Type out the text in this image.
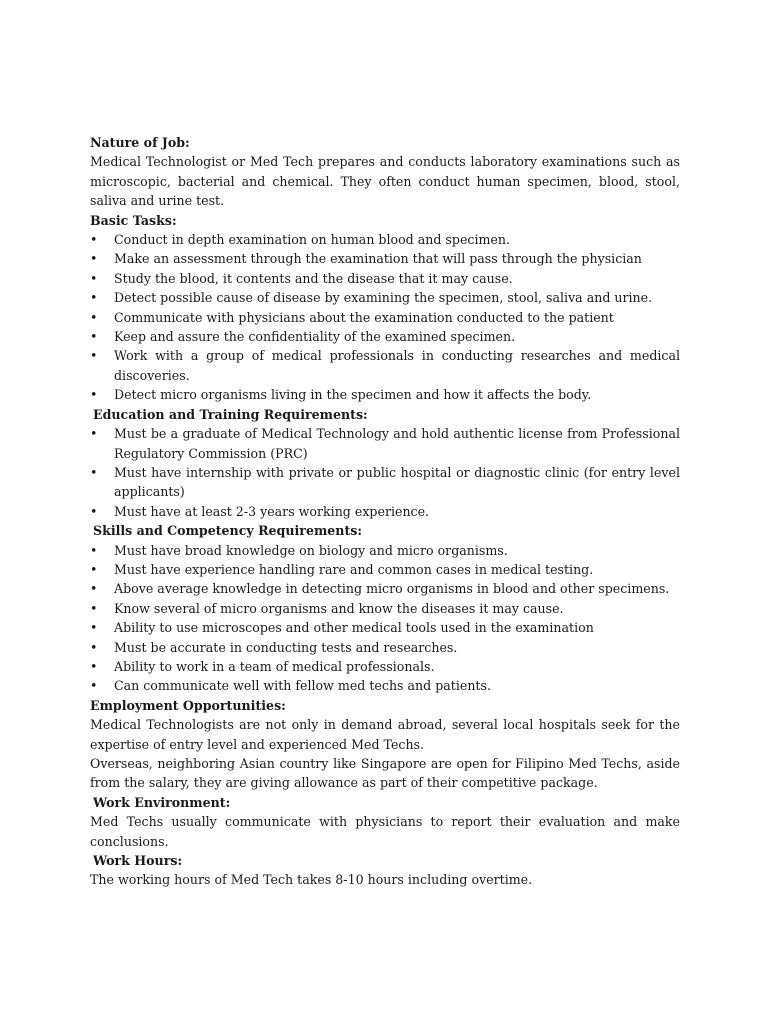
Nature of Job:

Medical Technologist or Med Tech prepares and conducts laboratory examinations such as microscopic, bacterial and chemical. They often conduct human specimen, blood, stool, saliva and urine test.

Basic Tasks:

•	Conduct in depth examination on human blood and specimen.
•	Make an assessment through the examination that will pass through the physician
•	Study the blood, it contents and the disease that it may cause.
•	Detect possible cause of disease by examining the specimen, stool, saliva and urine.
•	Communicate with physicians about the examination conducted to the patient
•	Keep and assure the confidentiality of the examined specimen.
•	Work with a group of medical professionals in conducting researches and medical discoveries.
•	Detect micro organisms living in the specimen and how it affects the body.

Education and Training Requirements:

•	Must be a graduate of Medical Technology and hold authentic license from Professional Regulatory Commission (PRC)
•	Must have internship with private or public hospital or diagnostic clinic (for entry level applicants)
•	Must have at least 2-3 years working experience.

Skills and Competency Requirements:

•	Must have broad knowledge on biology and micro organisms.
•	Must have experience handling rare and common cases in medical testing.
•	Above average knowledge in detecting micro organisms in blood and other specimens.
•	Know several of micro organisms and know the diseases it may cause.
•	Ability to use microscopes and other medical tools used in the examination
•	Must be accurate in conducting tests and researches.
•	Ability to work in a team of medical professionals.
•	Can communicate well with fellow med techs and patients.

Employment Opportunities:

Medical Technologists are not only in demand abroad, several local hospitals seek for the expertise of entry level and experienced Med Techs.

Overseas, neighboring Asian country like Singapore are open for Filipino Med Techs, aside from the salary, they are giving allowance as part of their competitive package.

Work Environment:

Med Techs usually communicate with physicians to report their evaluation and make conclusions.

Work Hours:

The working hours of Med Tech takes 8-10 hours including overtime.
